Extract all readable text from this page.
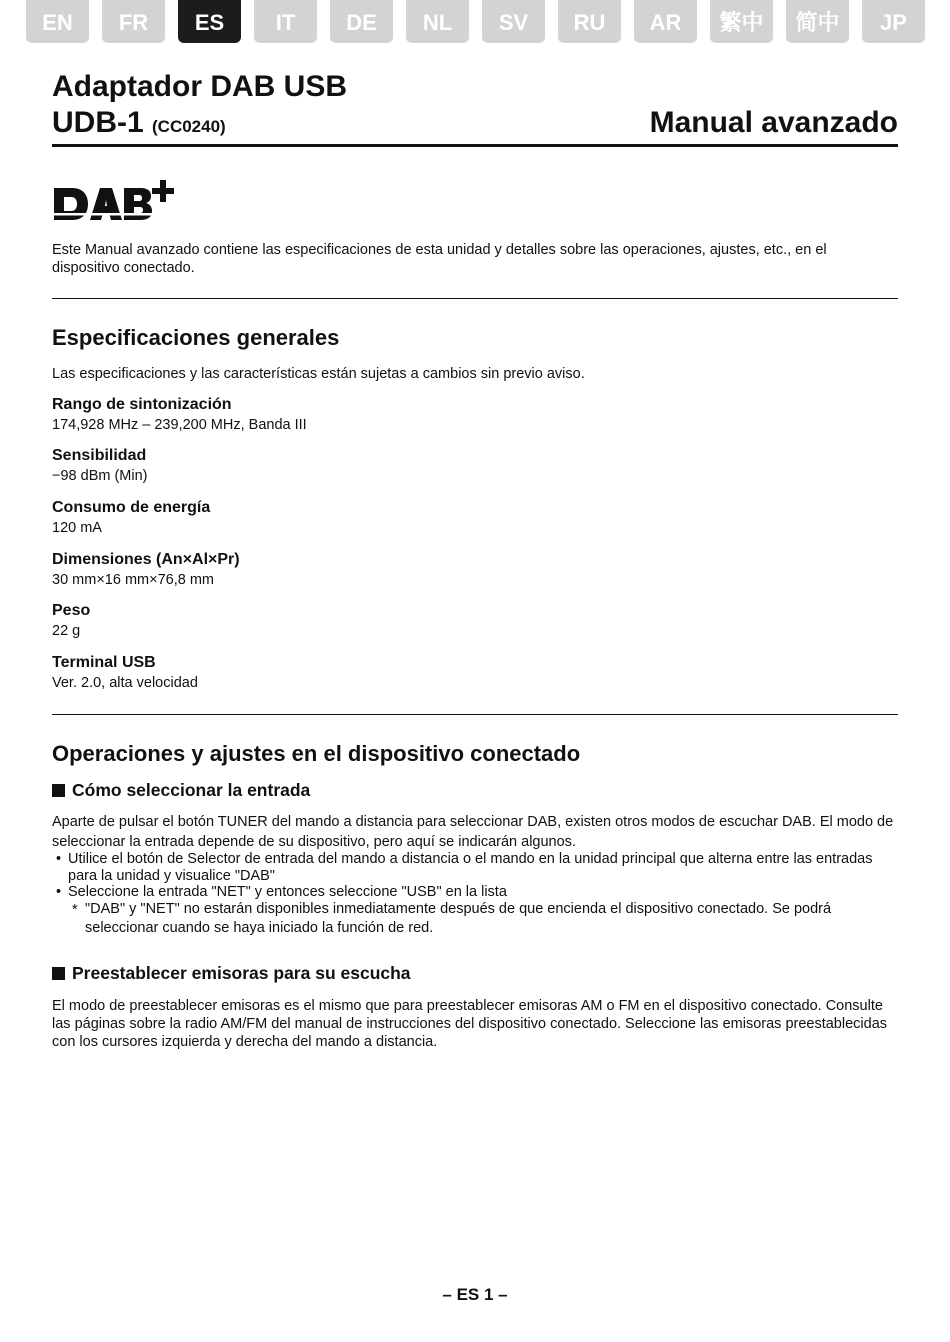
EN	FR	ES	IT	DE	NL	SV	RU	AR	繁中	简中	JP
Adaptador DAB USB
UDB-1 (CC0240)	Manual avanzado
Este Manual avanzado contiene las especificaciones de esta unidad y detalles sobre las operaciones, ajustes, etc., en el dispositivo conectado.
Especificaciones generales
Las especificaciones y las características están sujetas a cambios sin previo aviso.
Rango de sintonización
174,928 MHz – 239,200 MHz, Banda III
Sensibilidad
−98 dBm (Min)
Consumo de energía
120 mA
Dimensiones (An×Al×Pr)
30 mm×16 mm×76,8 mm
Peso
22 g
Terminal USB
Ver. 2.0, alta velocidad
Operaciones y ajustes en el dispositivo conectado
Cómo seleccionar la entrada
Aparte de pulsar el botón TUNER del mando a distancia para seleccionar DAB, existen otros modos de escuchar DAB. El modo de
seleccionar la entrada depende de su dispositivo, pero aquí se indicarán algunos.
• Utilice el botón de Selector de entrada del mando a distancia o el mando en la unidad principal que alterna entre las entradas para la unidad y visualice "DAB"
• Seleccione la entrada "NET" y entonces seleccione "USB" en la lista
* "DAB" y "NET" no estarán disponibles inmediatamente después de que encienda el dispositivo conectado. Se podrá
seleccionar cuando se haya iniciado la función de red.
Preestablecer emisoras para su escucha
El modo de preestablecer emisoras es el mismo que para preestablecer emisoras AM o FM en el dispositivo conectado. Consulte las páginas sobre la radio AM/FM del manual de instrucciones del dispositivo conectado. Seleccione las emisoras preestablecidas con los cursores izquierda y derecha del mando a distancia.
– ES 1 –
